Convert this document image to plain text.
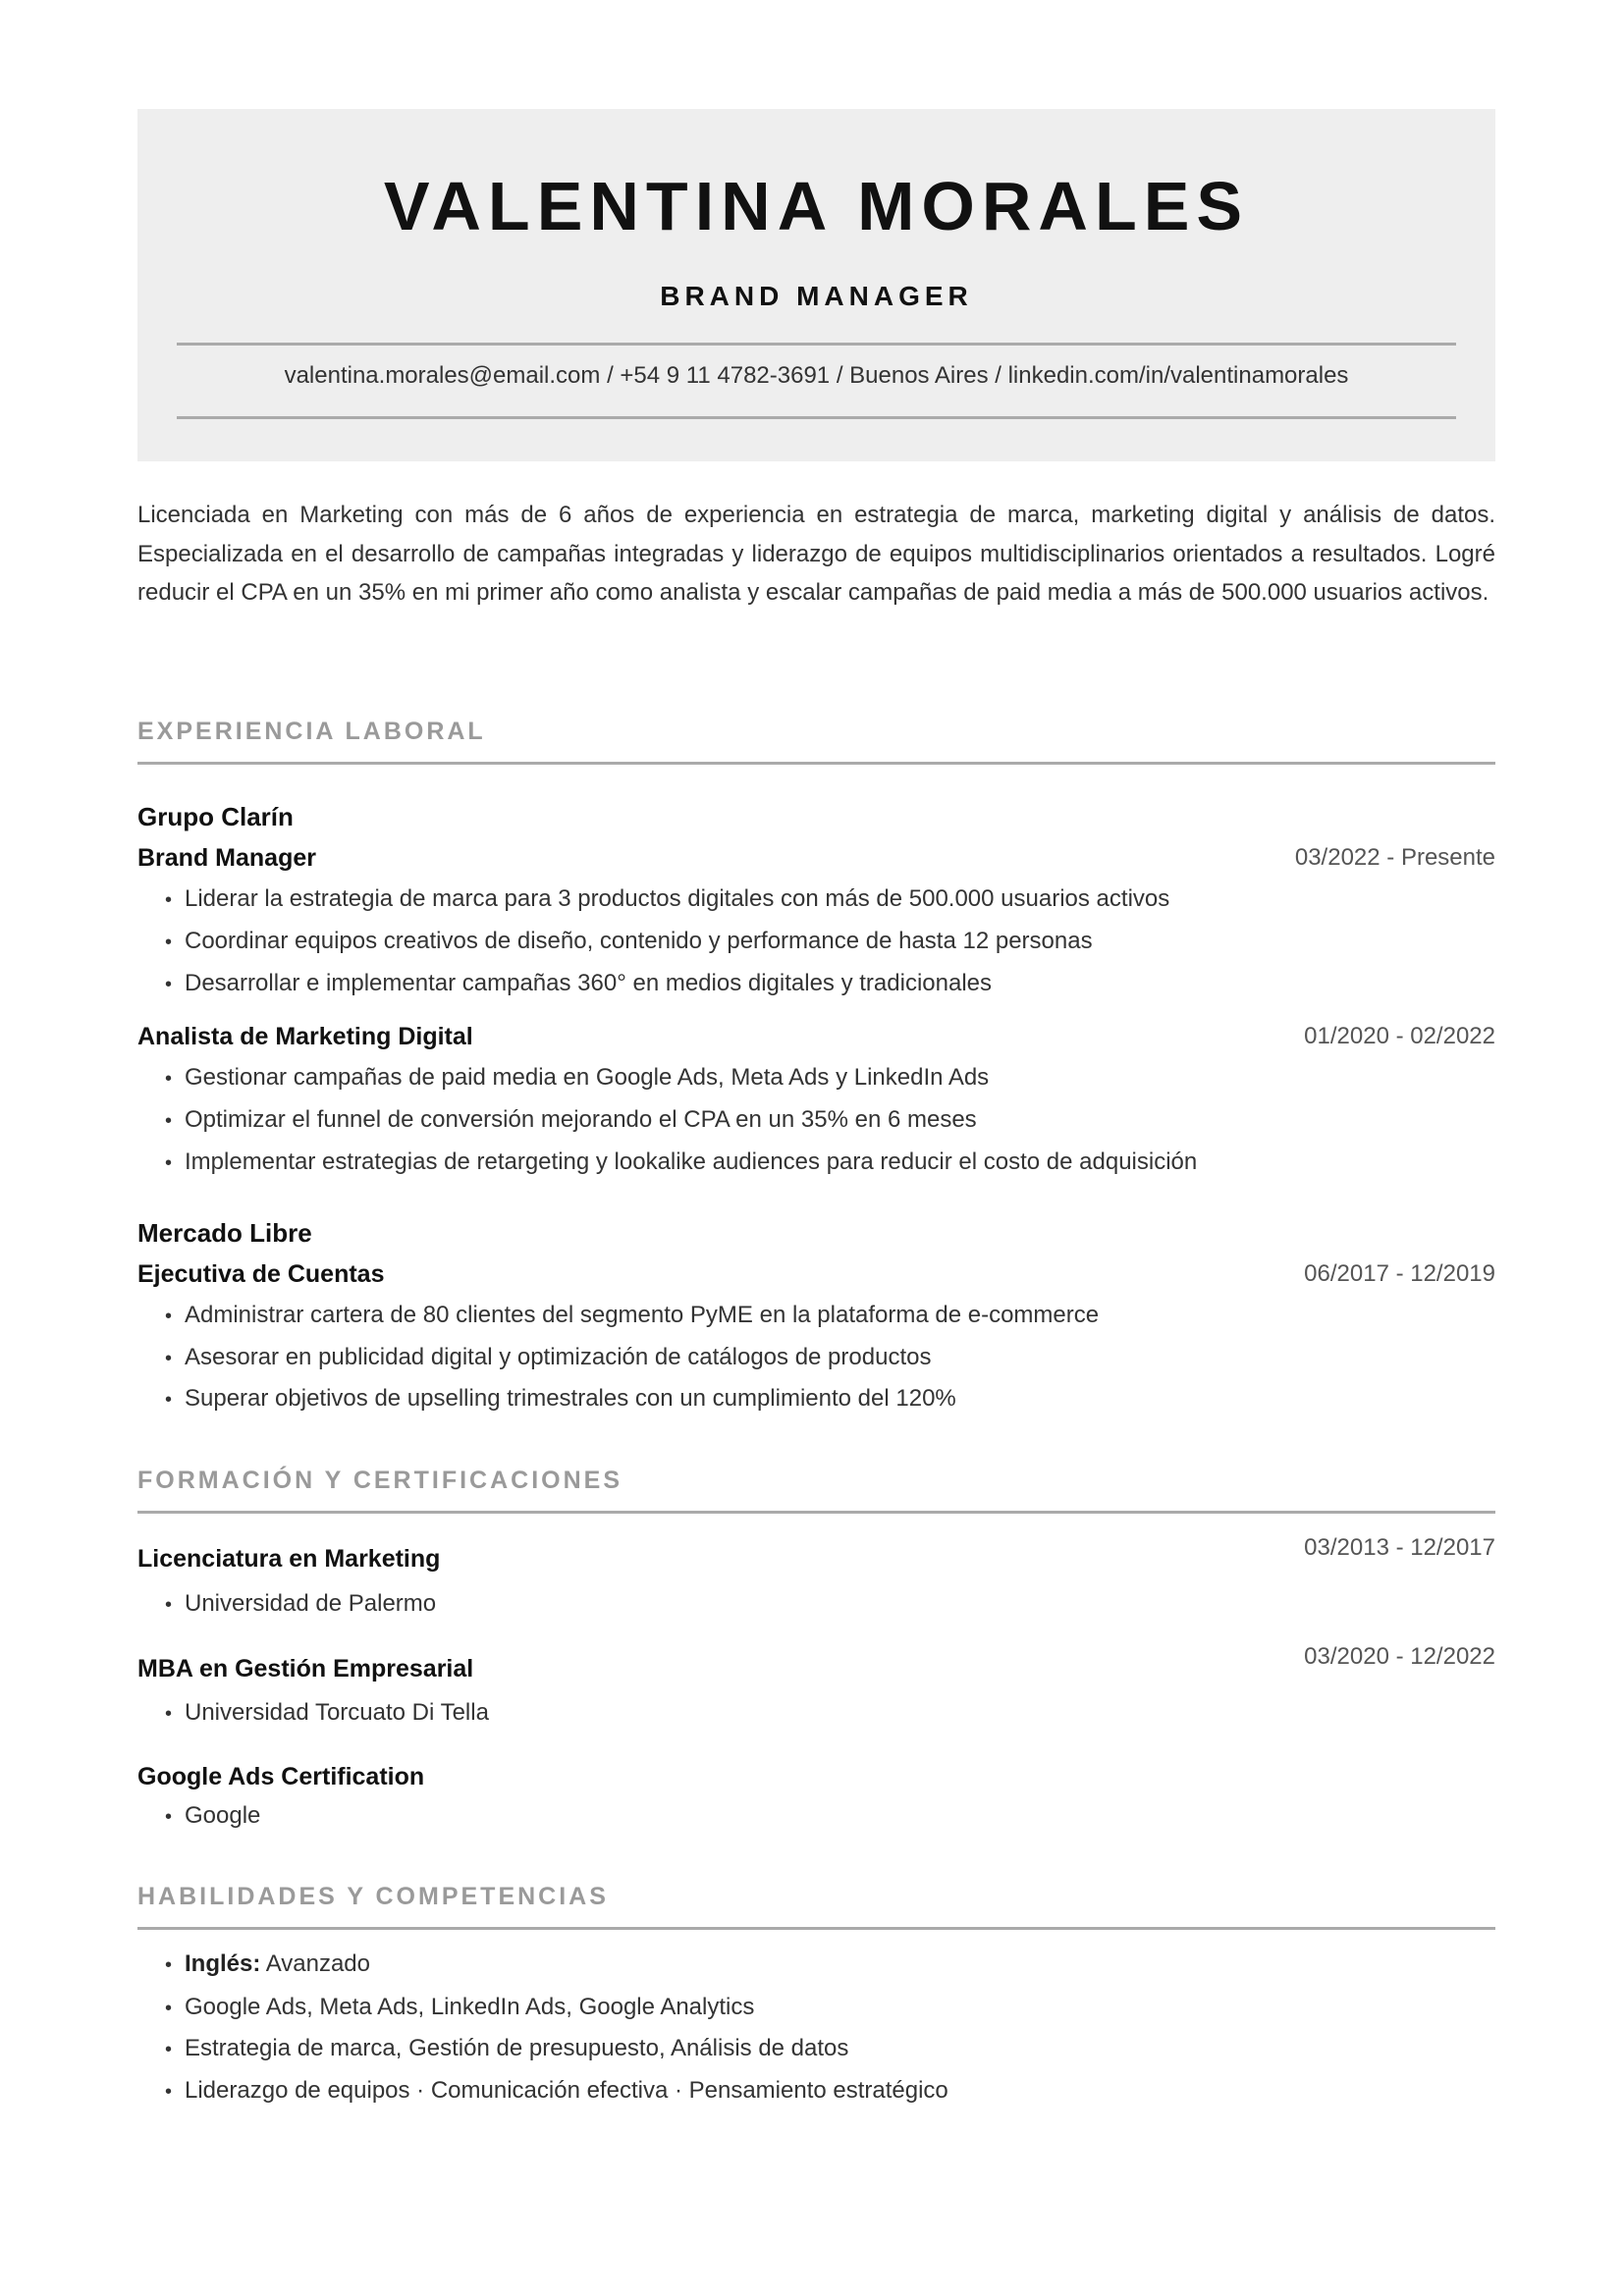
VALENTINA MORALES
BRAND MANAGER
valentina.morales@email.com / +54 9 11 4782-3691 / Buenos Aires / linkedin.com/in/valentinamorales
Licenciada en Marketing con más de 6 años de experiencia en estrategia de marca, marketing digital y análisis de datos. Especializada en el desarrollo de campañas integradas y liderazgo de equipos multidisciplinarios orientados a resultados. Logré reducir el CPA en un 35% en mi primer año como analista y escalar campañas de paid media a más de 500.000 usuarios activos.
EXPERIENCIA LABORAL
Grupo Clarín
Brand Manager	03/2022 - Presente
• Liderar la estrategia de marca para 3 productos digitales con más de 500.000 usuarios activos
• Coordinar equipos creativos de diseño, contenido y performance de hasta 12 personas
• Desarrollar e implementar campañas 360° en medios digitales y tradicionales
Analista de Marketing Digital	01/2020 - 02/2022
• Gestionar campañas de paid media en Google Ads, Meta Ads y LinkedIn Ads
• Optimizar el funnel de conversión mejorando el CPA en un 35% en 6 meses
• Implementar estrategias de retargeting y lookalike audiences para reducir el costo de adquisición
Mercado Libre
Ejecutiva de Cuentas	06/2017 - 12/2019
• Administrar cartera de 80 clientes del segmento PyME en la plataforma de e-commerce
• Asesorar en publicidad digital y optimización de catálogos de productos
• Superar objetivos de upselling trimestrales con un cumplimiento del 120%
FORMACIÓN Y CERTIFICACIONES
Licenciatura en Marketing	03/2013 - 12/2017
• Universidad de Palermo
MBA en Gestión Empresarial	03/2020 - 12/2022
• Universidad Torcuato Di Tella
Google Ads Certification
• Google
HABILIDADES Y COMPETENCIAS
• Inglés: Avanzado
• Google Ads, Meta Ads, LinkedIn Ads, Google Analytics
• Estrategia de marca, Gestión de presupuesto, Análisis de datos
• Liderazgo de equipos · Comunicación efectiva · Pensamiento estratégico
